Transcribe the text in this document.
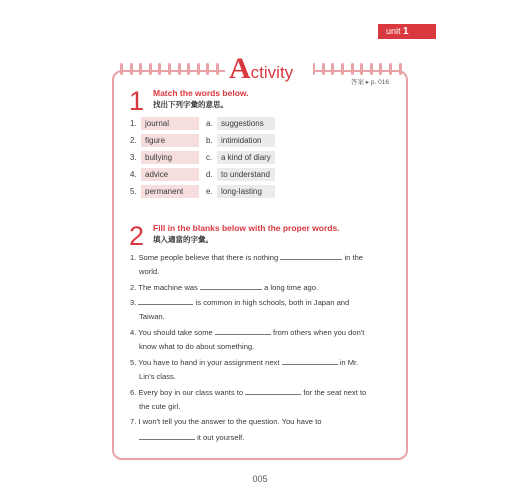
unit 1
Activity
答案 ▸ p. 016
1 Match the words below.
找出下列字彙的意思。
1.	journal	a.	suggestions
2.	figure	b.	intimidation
3.	bullying	c.	a kind of diary
4.	advice	d.	to understand
5.	permanent	e.	long-lasting
2 Fill in the blanks below with the proper words.
填入適當的字彙。
1. Some people believe that there is nothing	in the
world.
2. The machine was	a long time ago.
3.	is common in high schools, both in Japan and
Taiwan.
4. You should take some	from others when you don't
know what to do about something.
5. You have to hand in your assignment next	in Mr.
Lin's class.
6. Every boy in our class wants to	for the seat next to
the cute girl.
7. I won't tell you the answer to the question. You have to
it out yourself.
005
